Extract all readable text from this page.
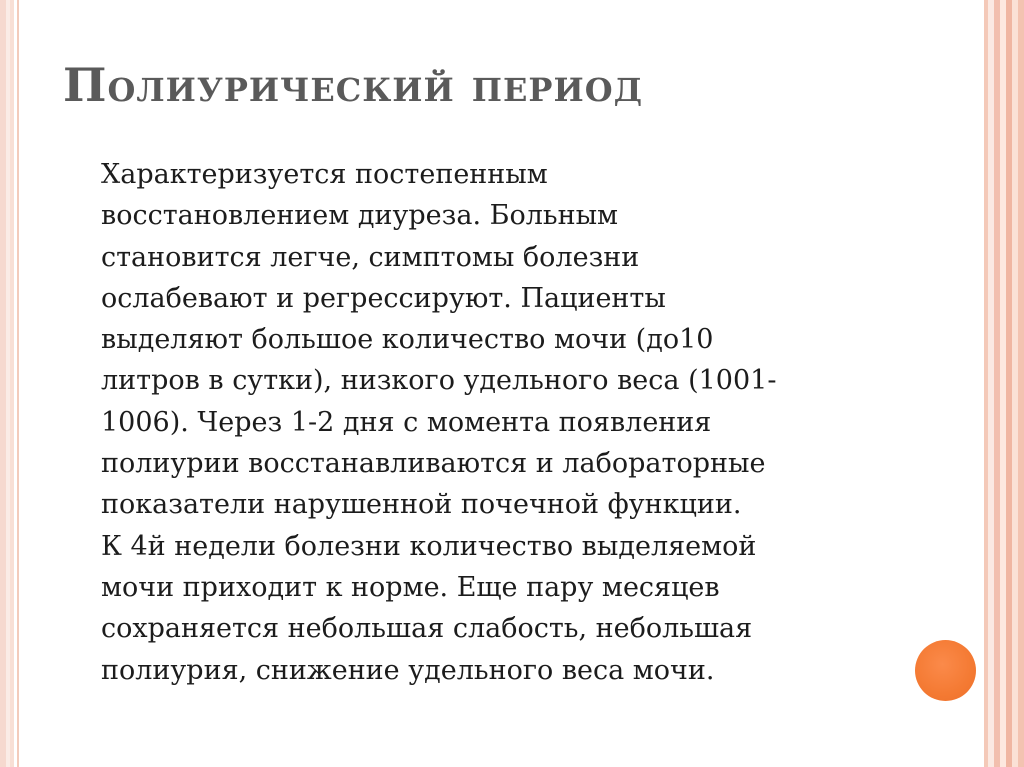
Полиурический период
Характеризуется постепенным
восстановлением диуреза. Больным
становится легче, симптомы болезни
ослабевают и регрессируют. Пациенты
выделяют большое количество мочи (до10
литров в сутки), низкого удельного веса (1001-
1006). Через 1-2 дня с момента появления
полиурии восстанавливаются и лабораторные
показатели нарушенной почечной функции.
К 4й недели болезни количество выделяемой
мочи приходит к норме. Еще пару месяцев
сохраняется небольшая слабость, небольшая
полиурия, снижение удельного веса мочи.
